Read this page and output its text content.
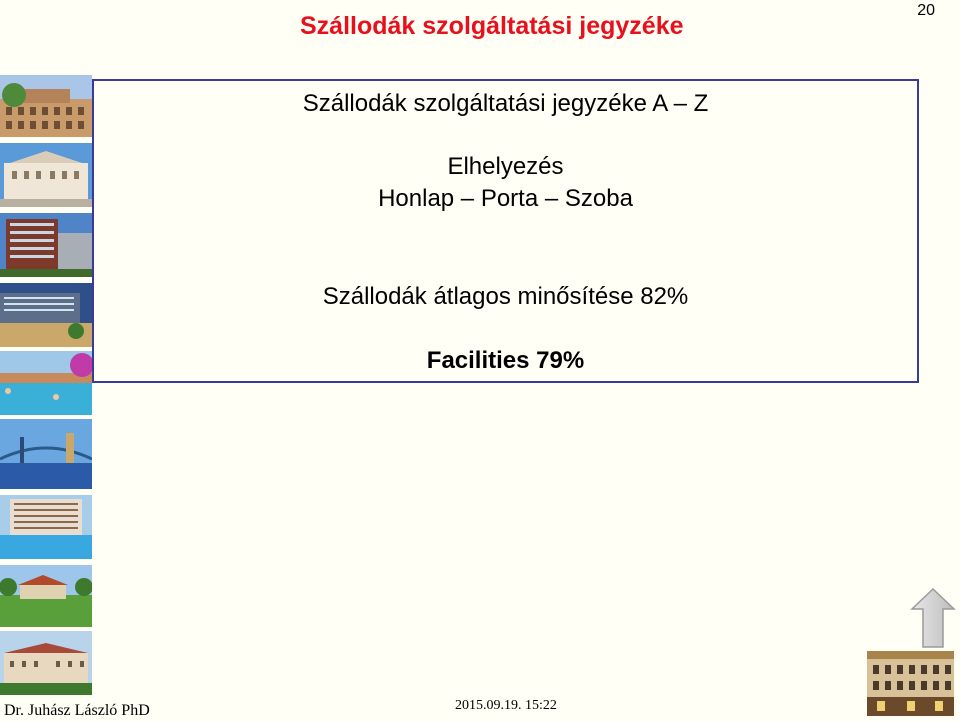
Szállodák szolgáltatási jegyzéke
20
Szállodák szolgáltatási jegyzéke A – Z
Elhelyezés
Honlap – Porta – Szoba
Szállodák átlagos minősítése 82%
Facilities 79%
Dr. Juhász László PhD	2015.09.19. 15:22
